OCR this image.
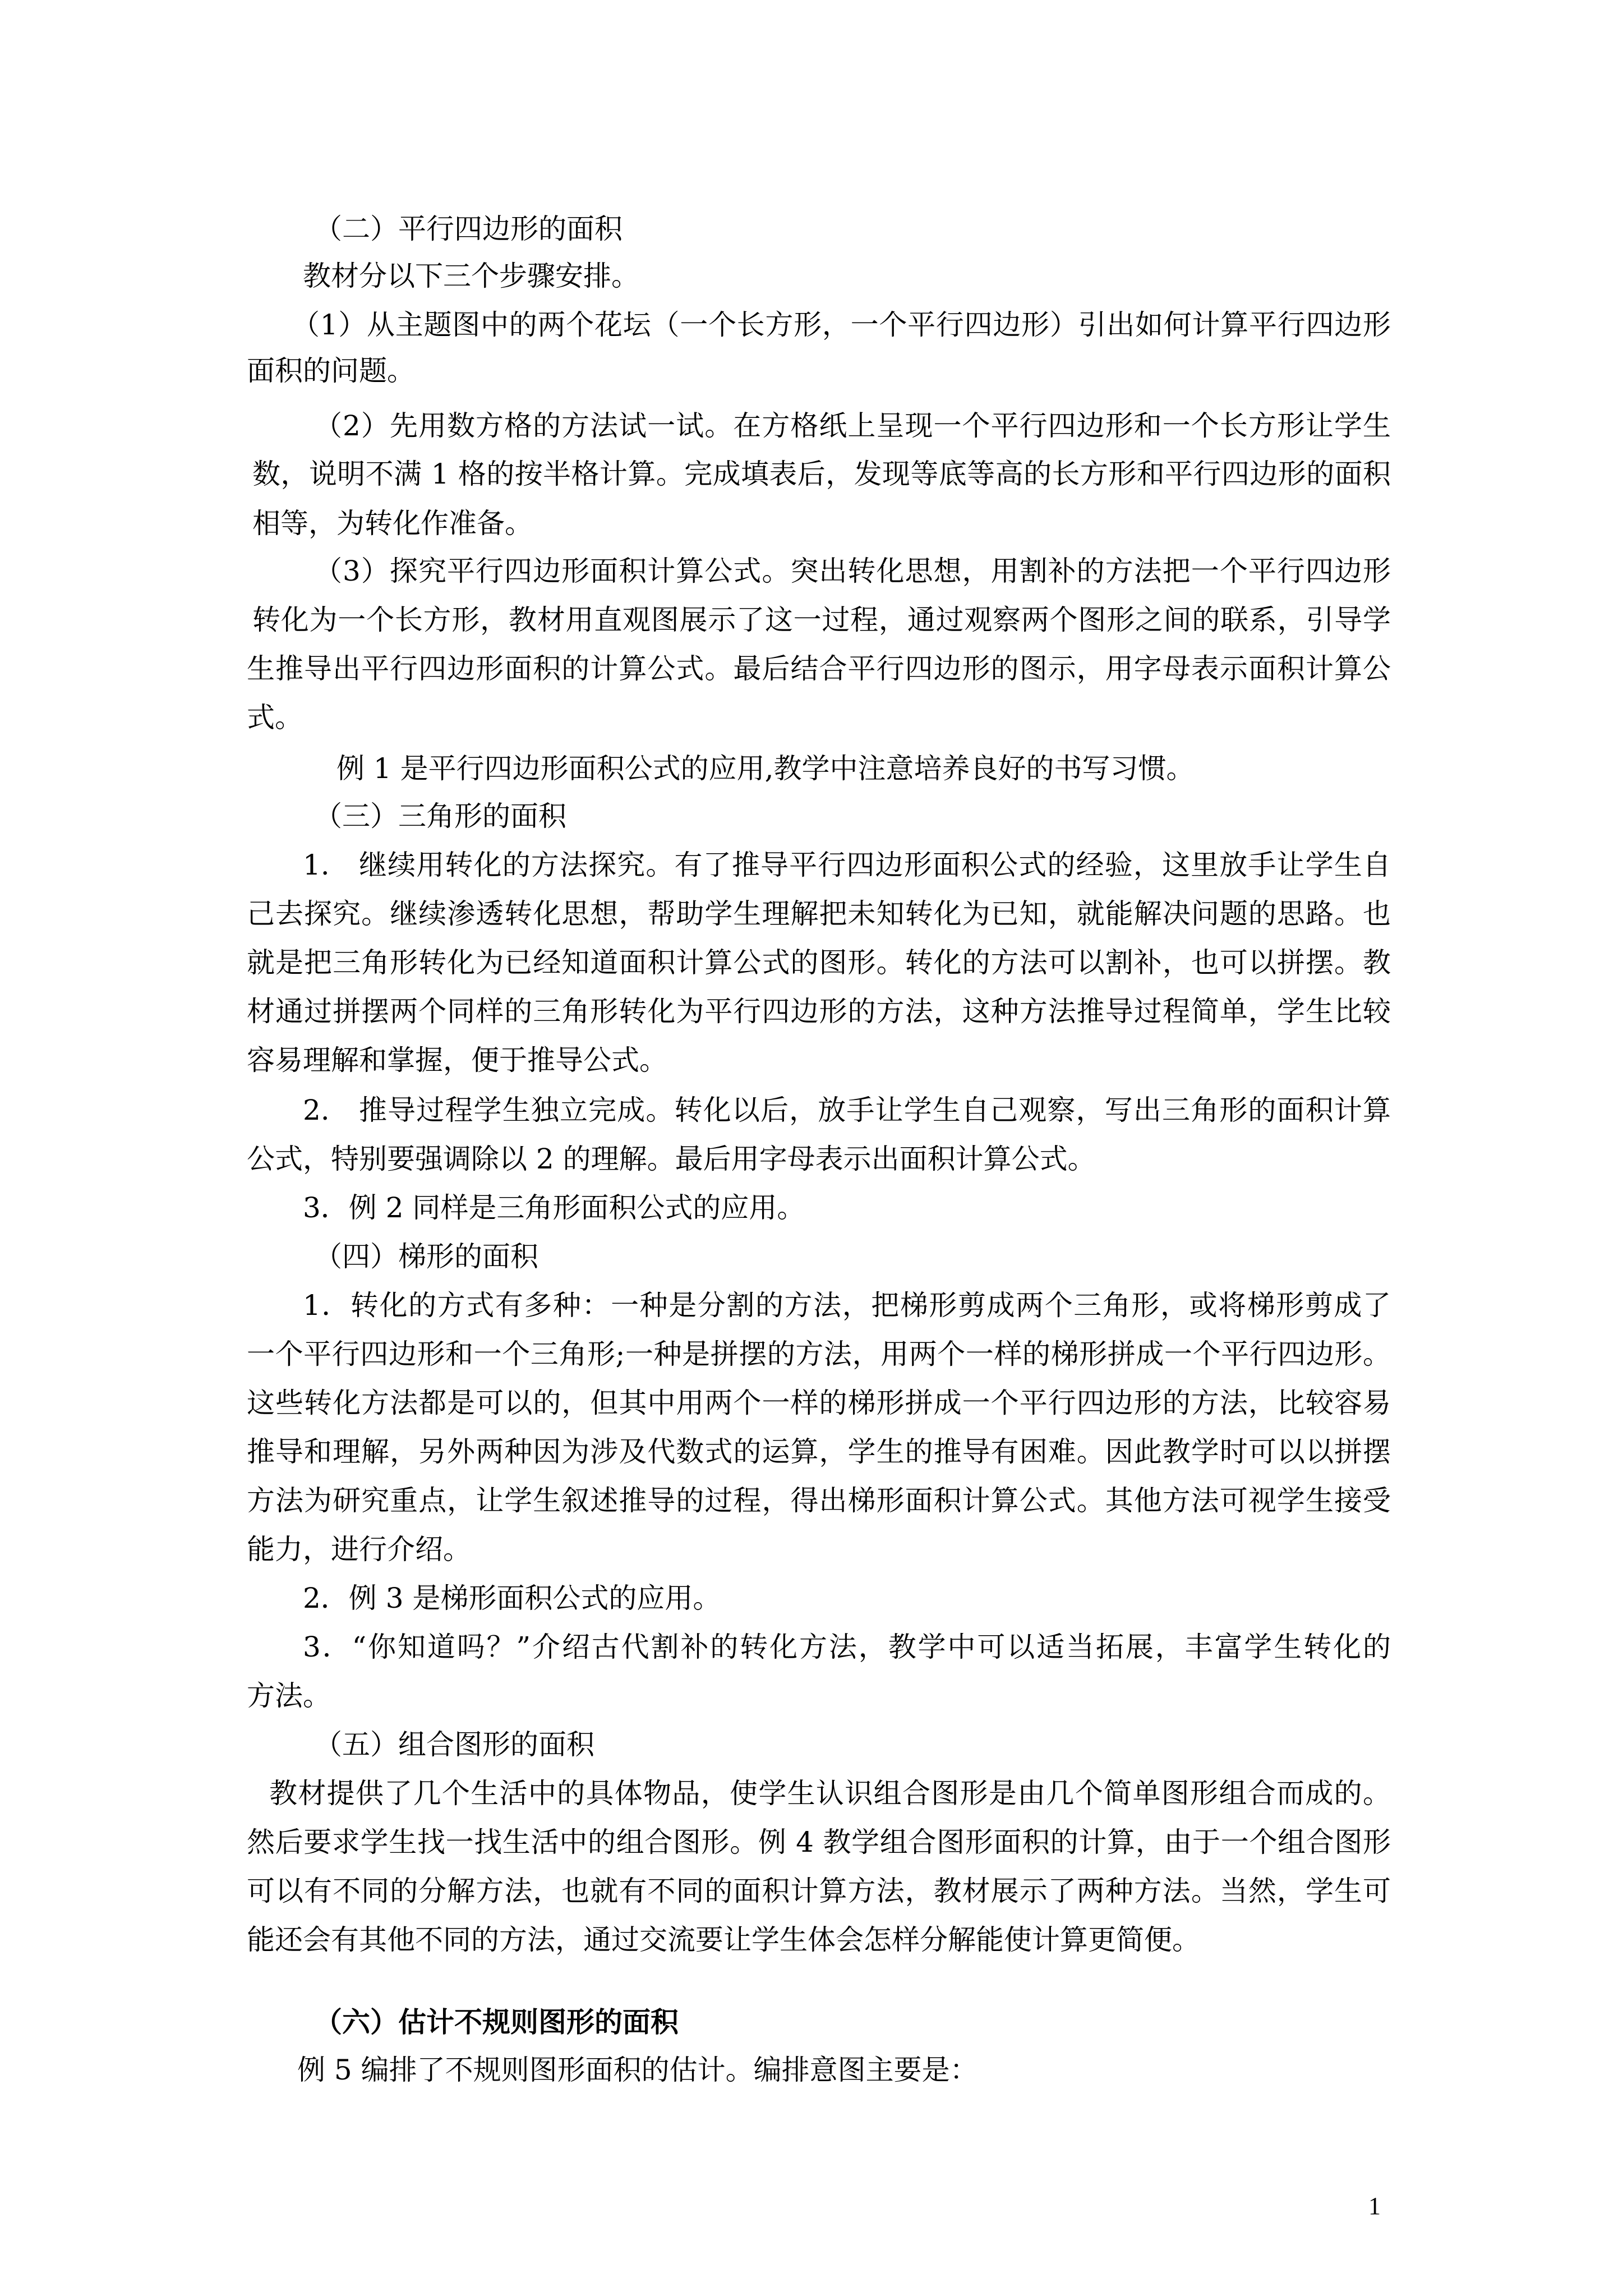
（二）平行四边形的面积
教材分以下三个步骤安排。
（1）从主题图中的两个花坛（一个长方形，一个平行四边形）引出如何计算平行四边形
面积的问题。
（2）先用数方格的方法试一试。在方格纸上呈现一个平行四边形和一个长方形让学生
数，说明不满 1 格的按半格计算。完成填表后，发现等底等高的长方形和平行四边形的面积
相等，为转化作准备。
（3）探究平行四边形面积计算公式。突出转化思想，用割补的方法把一个平行四边形
转化为一个长方形，教材用直观图展示了这一过程，通过观察两个图形之间的联系，引导学
生推导出平行四边形面积的计算公式。最后结合平行四边形的图示，用字母表示面积计算公
式。
例 1 是平行四边形面积公式的应用,教学中注意培养良好的书写习惯。
（三）三角形的面积
1.　继续用转化的方法探究。有了推导平行四边形面积公式的经验，这里放手让学生自
己去探究。继续渗透转化思想，帮助学生理解把未知转化为已知，就能解决问题的思路。也
就是把三角形转化为已经知道面积计算公式的图形。转化的方法可以割补，也可以拼摆。教
材通过拼摆两个同样的三角形转化为平行四边形的方法，这种方法推导过程简单，学生比较
容易理解和掌握，便于推导公式。
2.　推导过程学生独立完成。转化以后，放手让学生自己观察，写出三角形的面积计算
公式，特别要强调除以 2 的理解。最后用字母表示出面积计算公式。
3．例 2 同样是三角形面积公式的应用。
（四）梯形的面积
1．转化的方式有多种：一种是分割的方法，把梯形剪成两个三角形，或将梯形剪成了
一个平行四边形和一个三角形;一种是拼摆的方法，用两个一样的梯形拼成一个平行四边形。
这些转化方法都是可以的，但其中用两个一样的梯形拼成一个平行四边形的方法，比较容易
推导和理解，另外两种因为涉及代数式的运算，学生的推导有困难。因此教学时可以以拼摆
方法为研究重点，让学生叙述推导的过程，得出梯形面积计算公式。其他方法可视学生接受
能力，进行介绍。
2．例 3 是梯形面积公式的应用。
3．“你知道吗？”介绍古代割补的转化方法，教学中可以适当拓展，丰富学生转化的
方法。
（五）组合图形的面积
教材提供了几个生活中的具体物品，使学生认识组合图形是由几个简单图形组合而成的。
然后要求学生找一找生活中的组合图形。例 4 教学组合图形面积的计算，由于一个组合图形
可以有不同的分解方法，也就有不同的面积计算方法，教材展示了两种方法。当然，学生可
能还会有其他不同的方法，通过交流要让学生体会怎样分解能使计算更简便。
（六）估计不规则图形的面积
例 5 编排了不规则图形面积的估计。编排意图主要是：
1
